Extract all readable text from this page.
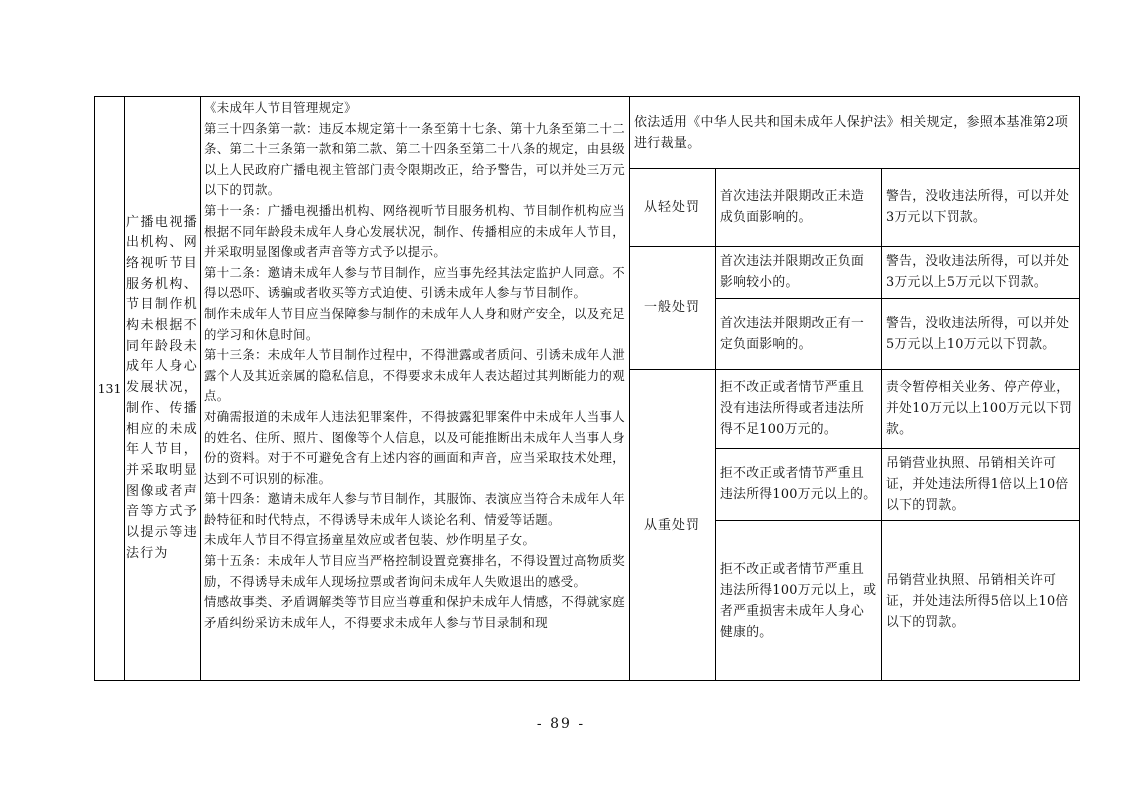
131
广播电视播出机构、网络视听节目服务机构、节目制作机构未根据不同年龄段未成年人身心发展状况，制作、传播相应的未成年人节目，并采取明显图像或者声音等方式予以提示等违法行为

《未成年人节目管理规定》

第三十四条第一款：违反本规定第十一条至第十七条、第十九条至第二十二条、第二十三条第一款和第二款、第二十四条至第二十八条的规定，由县级以上人民政府广播电视主管部门责令限期改正，给予警告，可以并处三万元以下的罚款。

第十一条：广播电视播出机构、网络视听节目服务机构、节目制作机构应当根据不同年龄段未成年人身心发展状况，制作、传播相应的未成年人节目，并采取明显图像或者声音等方式予以提示。

第十二条：邀请未成年人参与节目制作，应当事先经其法定监护人同意。不得以恐吓、诱骗或者收买等方式迫使、引诱未成年人参与节目制作。

制作未成年人节目应当保障参与制作的未成年人人身和财产安全，以及充足的学习和休息时间。

第十三条：未成年人节目制作过程中，不得泄露或者质问、引诱未成年人泄露个人及其近亲属的隐私信息，不得要求未成年人表达超过其判断能力的观点。

对确需报道的未成年人违法犯罪案件，不得披露犯罪案件中未成年人当事人的姓名、住所、照片、图像等个人信息，以及可能推断出未成年人当事人身份的资料。对于不可避免含有上述内容的画面和声音，应当采取技术处理，达到不可识别的标准。

第十四条：邀请未成年人参与节目制作，其服饰、表演应当符合未成年人年龄特征和时代特点，不得诱导未成年人谈论名利、情爱等话题。

未成年人节目不得宣扬童星效应或者包装、炒作明星子女。

第十五条：未成年人节目应当严格控制设置竞赛排名，不得设置过高物质奖励，不得诱导未成年人现场拉票或者询问未成年人失败退出的感受。

情感故事类、矛盾调解类等节目应当尊重和保护未成年人情感，不得就家庭矛盾纠纷采访未成年人，不得要求未成年人参与节目录制和现

依法适用《中华人民共和国未成年人保护法》相关规定，参照本基准第2项进行裁量。
从轻处罚
一般处罚
从重处罚
首次违法并限期改正未造成负面影响的。
首次违法并限期改正负面影响较小的。
首次违法并限期改正有一定负面影响的。
拒不改正或者情节严重且没有违法所得或者违法所得不足100万元的。
拒不改正或者情节严重且违法所得100万元以上的。
拒不改正或者情节严重且违法所得100万元以上，或者严重损害未成年人身心健康的。
警告，没收违法所得，可以并处3万元以下罚款。
警告，没收违法所得，可以并处3万元以上5万元以下罚款。
警告，没收违法所得，可以并处5万元以上10万元以下罚款。
责令暂停相关业务、停产停业，并处10万元以上100万元以下罚款。
吊销营业执照、吊销相关许可证，并处违法所得1倍以上10倍以下的罚款。
吊销营业执照、吊销相关许可证，并处违法所得5倍以上10倍以下的罚款。
- 89 -
